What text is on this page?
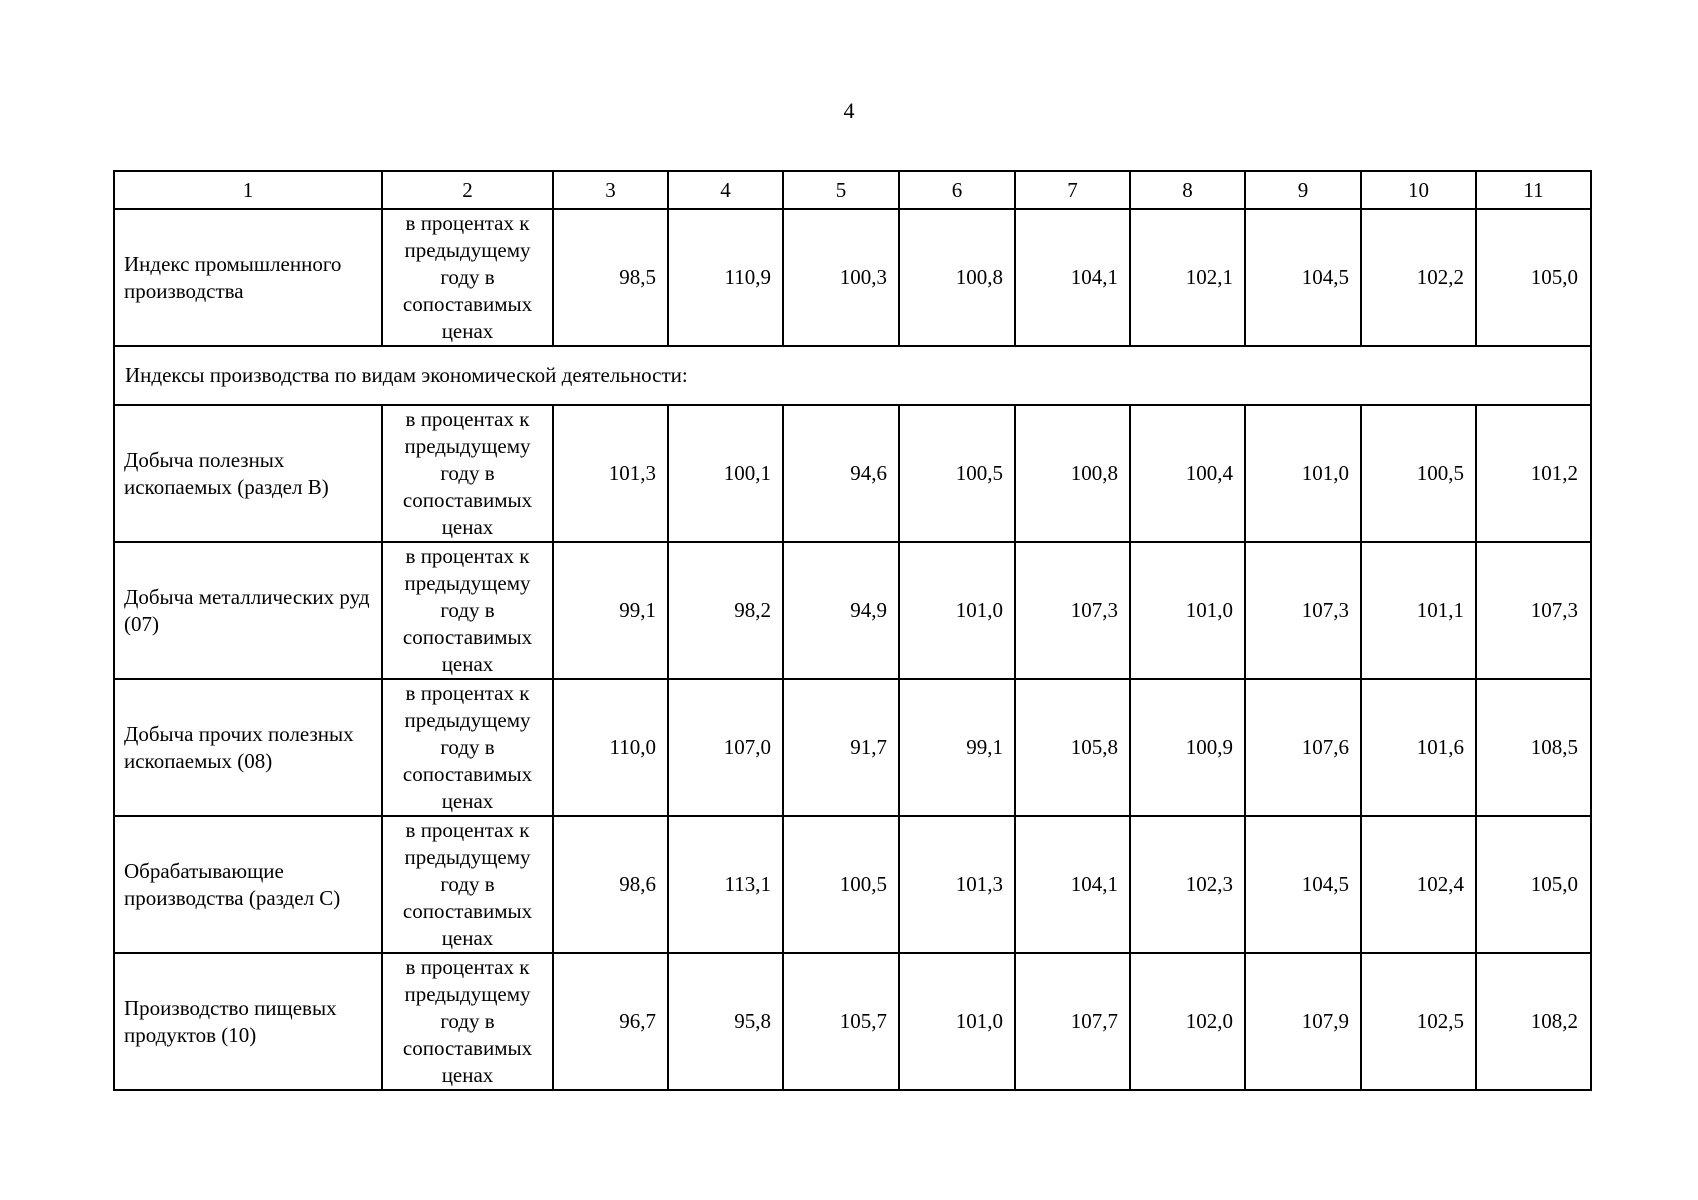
4
1	2	3	4	5	6	7	8	9	10	11
Индекс промышленного производства	в процентах к предыдущему году в сопоставимых ценах	98,5	110,9	100,3	100,8	104,1	102,1	104,5	102,2	105,0
Индексы производства по видам экономической деятельности:										
Добыча полезных ископаемых (раздел B)	в процентах к предыдущему году в сопоставимых ценах	101,3	100,1	94,6	100,5	100,8	100,4	101,0	100,5	101,2
Добыча металлических руд (07)	в процентах к предыдущему году в сопоставимых ценах	99,1	98,2	94,9	101,0	107,3	101,0	107,3	101,1	107,3
Добыча прочих полезных ископаемых (08)	в процентах к предыдущему году в сопоставимых ценах	110,0	107,0	91,7	99,1	105,8	100,9	107,6	101,6	108,5
Обрабатывающие производства (раздел C)	в процентах к предыдущему году в сопоставимых ценах	98,6	113,1	100,5	101,3	104,1	102,3	104,5	102,4	105,0
Производство пищевых продуктов (10)	в процентах к предыдущему году в сопоставимых ценах	96,7	95,8	105,7	101,0	107,7	102,0	107,9	102,5	108,2
